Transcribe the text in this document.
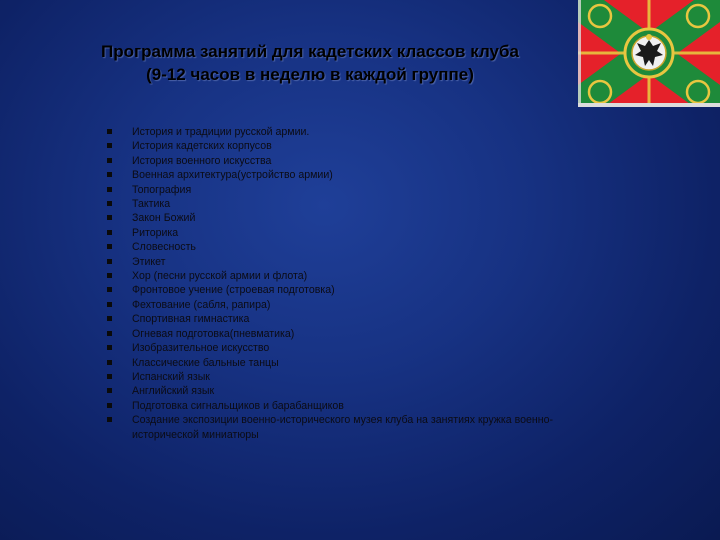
Программа занятий для кадетских классов клуба
(9-12 часов в неделю в каждой группе)
История и традиции русской армии.
История кадетских корпусов
История военного искусства
Военная архитектура(устройство армии)
Топография
Тактика
Закон Божий
Риторика
Словесность
Этикет
Хор (песни русской армии и флота)
Фронтовое учение (строевая подготовка)
Фехтование (сабля, рапира)
Спортивная гимнастика
Огневая подготовка(пневматика)
Изобразительное искусство
Классические бальные танцы
Испанский язык
Английский язык
Подготовка сигнальщиков и барабанщиков
Создание экспозиции военно-исторического музея клуба на занятиях кружка военно-исторической миниатюры
